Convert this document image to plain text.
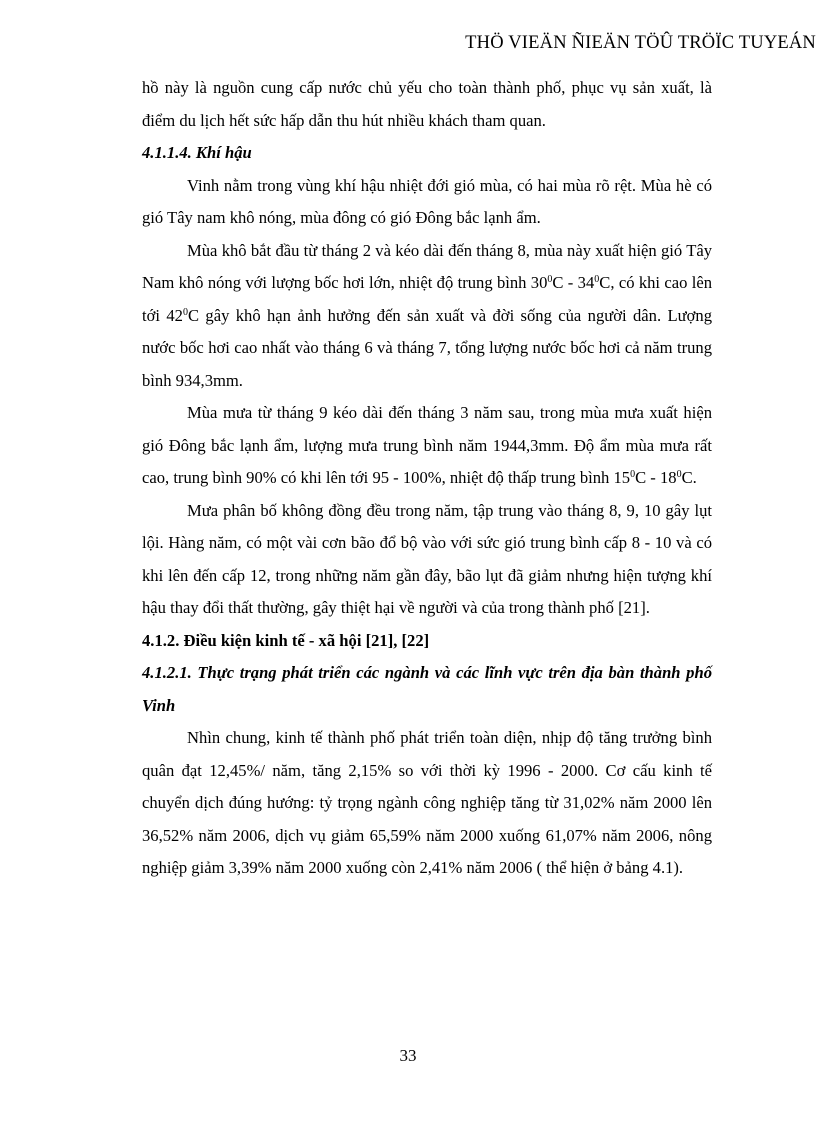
THÖ VIEÄN ÑIEÄN TÖÛ TRÖÏC TUYEÁN

hồ này là nguồn cung cấp nước chủ yếu cho toàn thành phố, phục vụ sản xuất, là điểm du lịch hết sức hấp dẫn thu hút nhiều khách tham quan.

4.1.1.4. Khí hậu

Vinh nằm trong vùng khí hậu nhiệt đới gió mùa, có hai mùa rõ rệt. Mùa hè có gió Tây nam khô nóng, mùa đông có gió Đông bắc lạnh ẩm.

Mùa khô bắt đầu từ tháng 2 và kéo dài đến tháng 8, mùa này xuất hiện gió Tây Nam khô nóng với lượng bốc hơi lớn, nhiệt độ trung bình $30^0C - 34^0C$, có khi cao lên tới $42^0C$ gây khô hạn ảnh hưởng đến sản xuất và đời sống của người dân. Lượng nước bốc hơi cao nhất vào tháng 6 và tháng 7, tổng lượng nước bốc hơi cả năm trung bình 934,3mm.

Mùa mưa từ tháng 9 kéo dài đến tháng 3 năm sau, trong mùa mưa xuất hiện gió Đông bắc lạnh ẩm, lượng mưa trung bình năm 1944,3mm. Độ ẩm mùa mưa rất cao, trung bình 90% có khi lên tới 95 - 100%, nhiệt độ thấp trung bình $15^0C - 18^0C$.

Mưa phân bố không đồng đều trong năm, tập trung vào tháng 8, 9, 10 gây lụt lội. Hàng năm, có một vài cơn bão đổ bộ vào với sức gió trung bình cấp 8 - 10 và có khi lên đến cấp 12, trong những năm gần đây, bão lụt đã giảm nhưng hiện tượng khí hậu thay đổi thất thường, gây thiệt hại về người và của trong thành phố [21].

4.1.2. Điều kiện kinh tế - xã hội [21], [22]

4.1.2.1. Thực trạng phát triển các ngành và các lĩnh vực trên địa bàn thành phố Vinh

Nhìn chung, kinh tế thành phố phát triển toàn diện, nhịp độ tăng trưởng bình quân đạt 12,45%/ năm, tăng 2,15% so với thời kỳ 1996 - 2000. Cơ cấu kinh tế chuyển dịch đúng hướng: tỷ trọng ngành công nghiệp tăng từ 31,02% năm 2000 lên 36,52% năm 2006, dịch vụ giảm 65,59% năm 2000 xuống 61,07% năm 2006, nông nghiệp giảm 3,39% năm 2000 xuống còn 2,41% năm 2006 ( thể hiện ở bảng 4.1).

33
